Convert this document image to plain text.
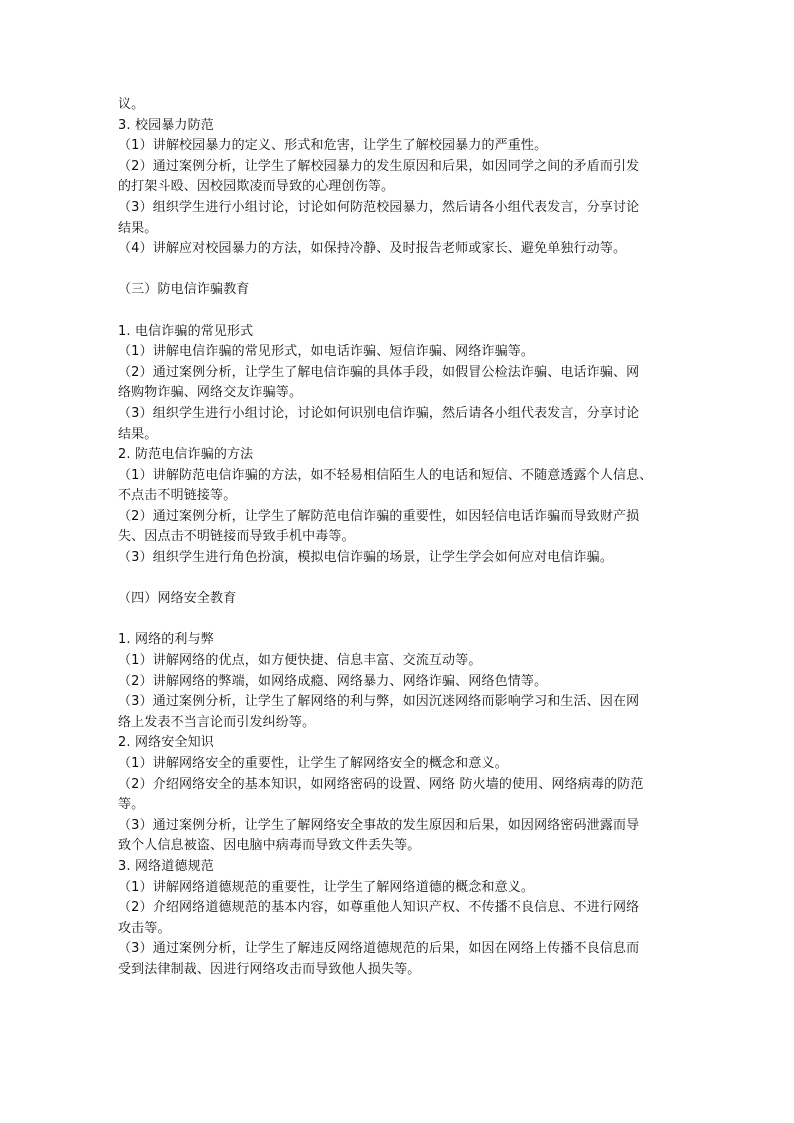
议。
3. 校园暴力防范
（1）讲解校园暴力的定义、形式和危害，让学生了解校园暴力的严重性。
（2）通过案例分析，让学生了解校园暴力的发生原因和后果，如因同学之间的矛盾而引发
的打架斗殴、因校园欺凌而导致的心理创伤等。
（3）组织学生进行小组讨论，讨论如何防范校园暴力，然后请各小组代表发言，分享讨论
结果。
（4）讲解应对校园暴力的方法，如保持冷静、及时报告老师或家长、避免单独行动等。
（三）防电信诈骗教育
1. 电信诈骗的常见形式
（1）讲解电信诈骗的常见形式，如电话诈骗、短信诈骗、网络诈骗等。
（2）通过案例分析，让学生了解电信诈骗的具体手段，如假冒公检法诈骗、电话诈骗、网
络购物诈骗、网络交友诈骗等。
（3）组织学生进行小组讨论，讨论如何识别电信诈骗，然后请各小组代表发言，分享讨论
结果。
2. 防范电信诈骗的方法
（1）讲解防范电信诈骗的方法，如不轻易相信陌生人的电话和短信、不随意透露个人信息、
不点击不明链接等。
（2）通过案例分析，让学生了解防范电信诈骗的重要性，如因轻信电话诈骗而导致财产损
失、因点击不明链接而导致手机中毒等。
（3）组织学生进行角色扮演，模拟电信诈骗的场景，让学生学会如何应对电信诈骗。
（四）网络安全教育
1. 网络的利与弊
（1）讲解网络的优点，如方便快捷、信息丰富、交流互动等。
（2）讲解网络的弊端，如网络成瘾、网络暴力、网络诈骗、网络色情等。
（3）通过案例分析，让学生了解网络的利与弊，如因沉迷网络而影响学习和生活、因在网
络上发表不当言论而引发纠纷等。
2. 网络安全知识
（1）讲解网络安全的重要性，让学生了解网络安全的概念和意义。
（2）介绍网络安全的基本知识，如网络密码的设置、网络 防火墙的使用、网络病毒的防范
等。
（3）通过案例分析，让学生了解网络安全事故的发生原因和后果，如因网络密码泄露而导
致个人信息被盗、因电脑中病毒而导致文件丢失等。
3. 网络道德规范
（1）讲解网络道德规范的重要性，让学生了解网络道德的概念和意义。
（2）介绍网络道德规范的基本内容，如尊重他人知识产权、不传播不良信息、不进行网络
攻击等。
（3）通过案例分析，让学生了解违反网络道德规范的后果，如因在网络上传播不良信息而
受到法律制裁、因进行网络攻击而导致他人损失等。
